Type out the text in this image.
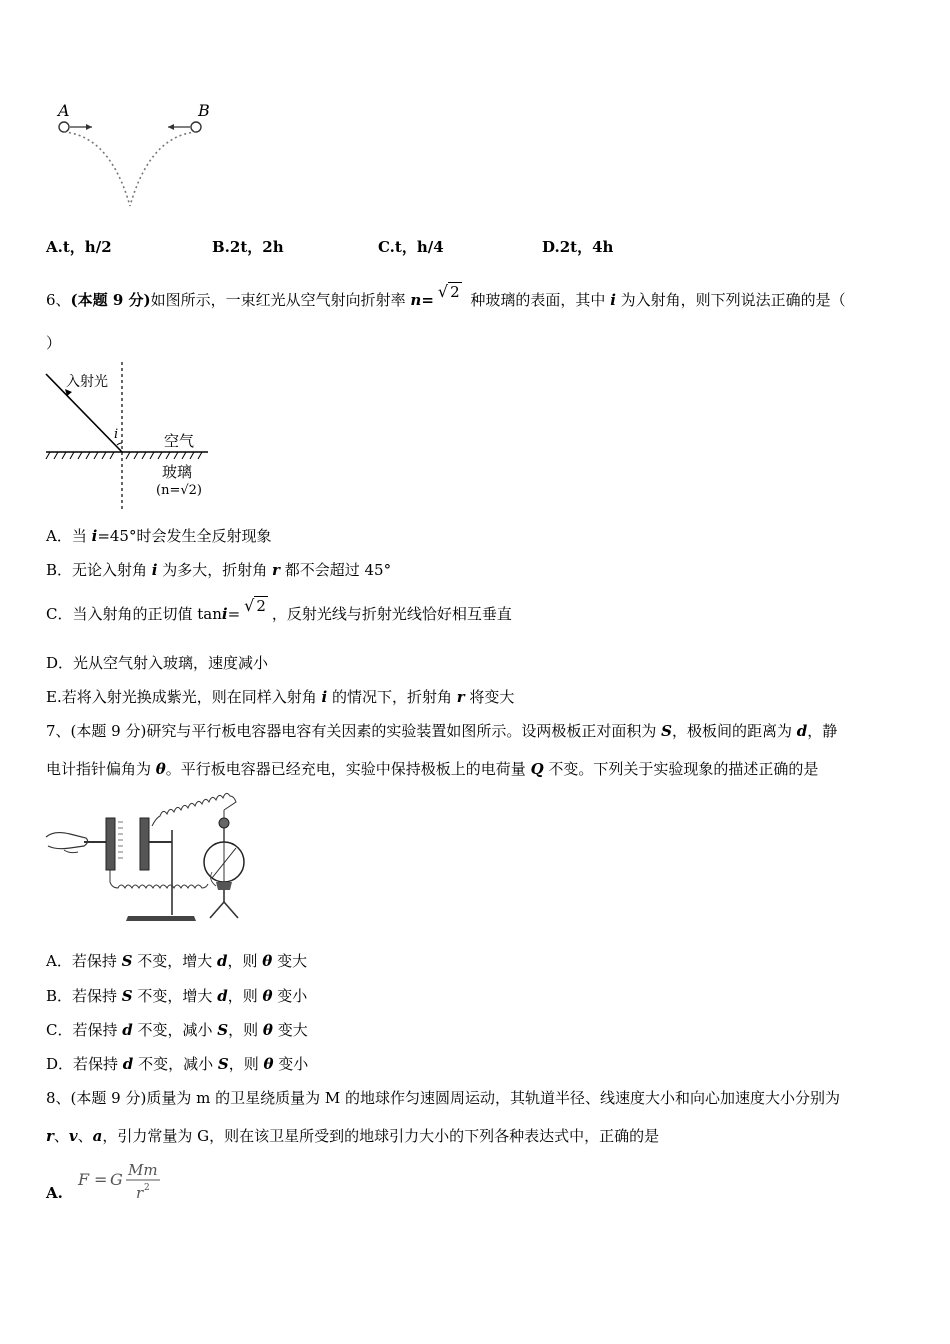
A	B
A.t，h/2	B.2t，2h	C.t，h/4	D.2t，4h
6、(本题 9 分)如图所示，一束红光从空气射向折射率 n= √ 2 种玻璃的表面，其中 i 为入射角，则下列说法正确的是（
）
入射光
i	空气
玻璃
(n=√2)
A．当 i=45°时会发生全反射现象
B．无论入射角 i 为多大，折射角 r 都不会超过 45°
C．当入射角的正切值 tani= √ 2 ，反射光线与折射光线恰好相互垂直
D．光从空气射入玻璃，速度减小
E.若将入射光换成紫光，则在同样入射角 i 的情况下，折射角 r 将变大
7、(本题 9 分)研究与平行板电容器电容有关因素的实验装置如图所示。设两极板正对面积为 S，极板间的距离为 d，静
电计指针偏角为 θ。平行板电容器已经充电，实验中保持极板上的电荷量 Q 不变。下列关于实验现象的描述正确的是
A．若保持 S 不变，增大 d，则 θ 变大
B．若保持 S 不变，增大 d，则 θ 变小
C．若保持 d 不变，减小 S，则 θ 变大
D．若保持 d 不变，减小 S，则 θ 变小
8、(本题 9 分)质量为 m 的卫星绕质量为 M 的地球作匀速圆周运动，其轨道半径、线速度大小和向心加速度大小分别为
r、v、a，引力常量为 G，则在该卫星所受到的地球引力大小的下列各种表达式中，正确的是
A.
F = G Mm
r 2
